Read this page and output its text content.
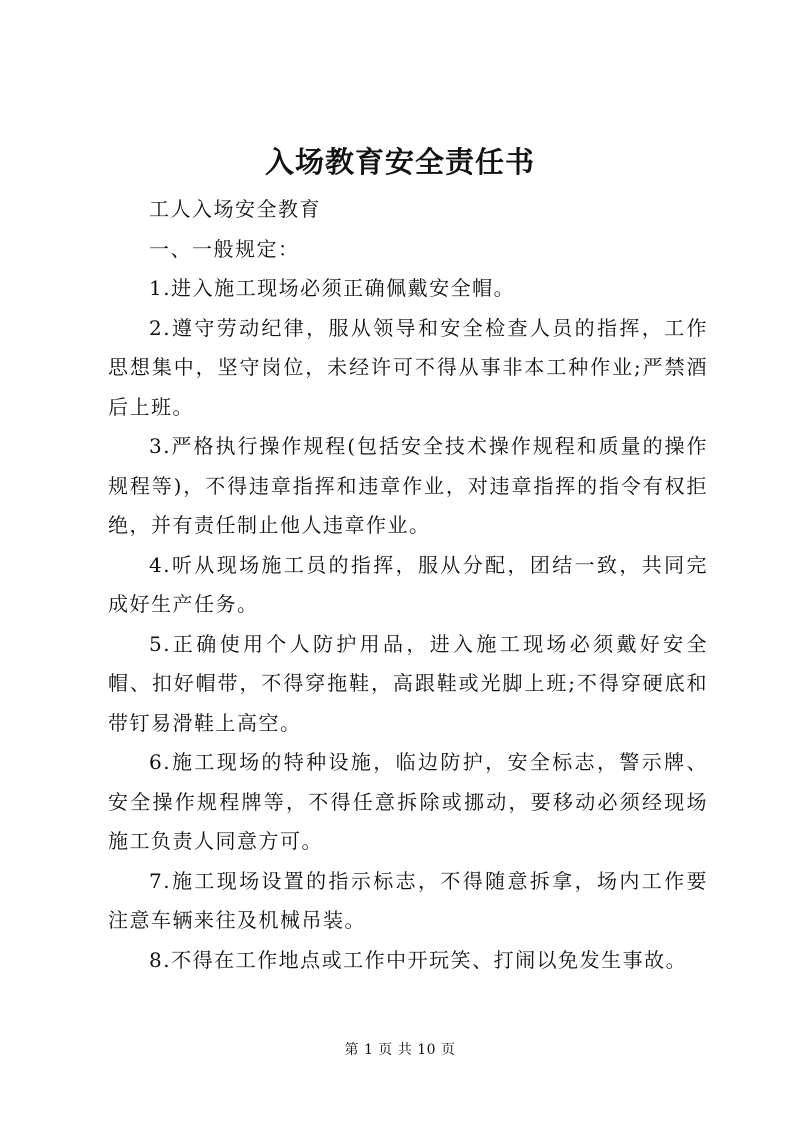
入场教育安全责任书

工人入场安全教育

一、一般规定：

1.进入施工现场必须正确佩戴安全帽。

2.遵守劳动纪律，服从领导和安全检查人员的指挥，工作思想集中，坚守岗位，未经许可不得从事非本工种作业;严禁酒后上班。

3.严格执行操作规程(包括安全技术操作规程和质量的操作规程等)，不得违章指挥和违章作业，对违章指挥的指令有权拒绝，并有责任制止他人违章作业。

4.听从现场施工员的指挥，服从分配，团结一致，共同完成好生产任务。

5.正确使用个人防护用品，进入施工现场必须戴好安全帽、扣好帽带，不得穿拖鞋，高跟鞋或光脚上班;不得穿硬底和带钉易滑鞋上高空。

6.施工现场的特种设施，临边防护，安全标志，警示牌、安全操作规程牌等，不得任意拆除或挪动，要移动必须经现场施工负责人同意方可。

7.施工现场设置的指示标志，不得随意拆拿，场内工作要注意车辆来往及机械吊装。

8.不得在工作地点或工作中开玩笑、打闹以免发生事故。

第 1 页 共 10 页
